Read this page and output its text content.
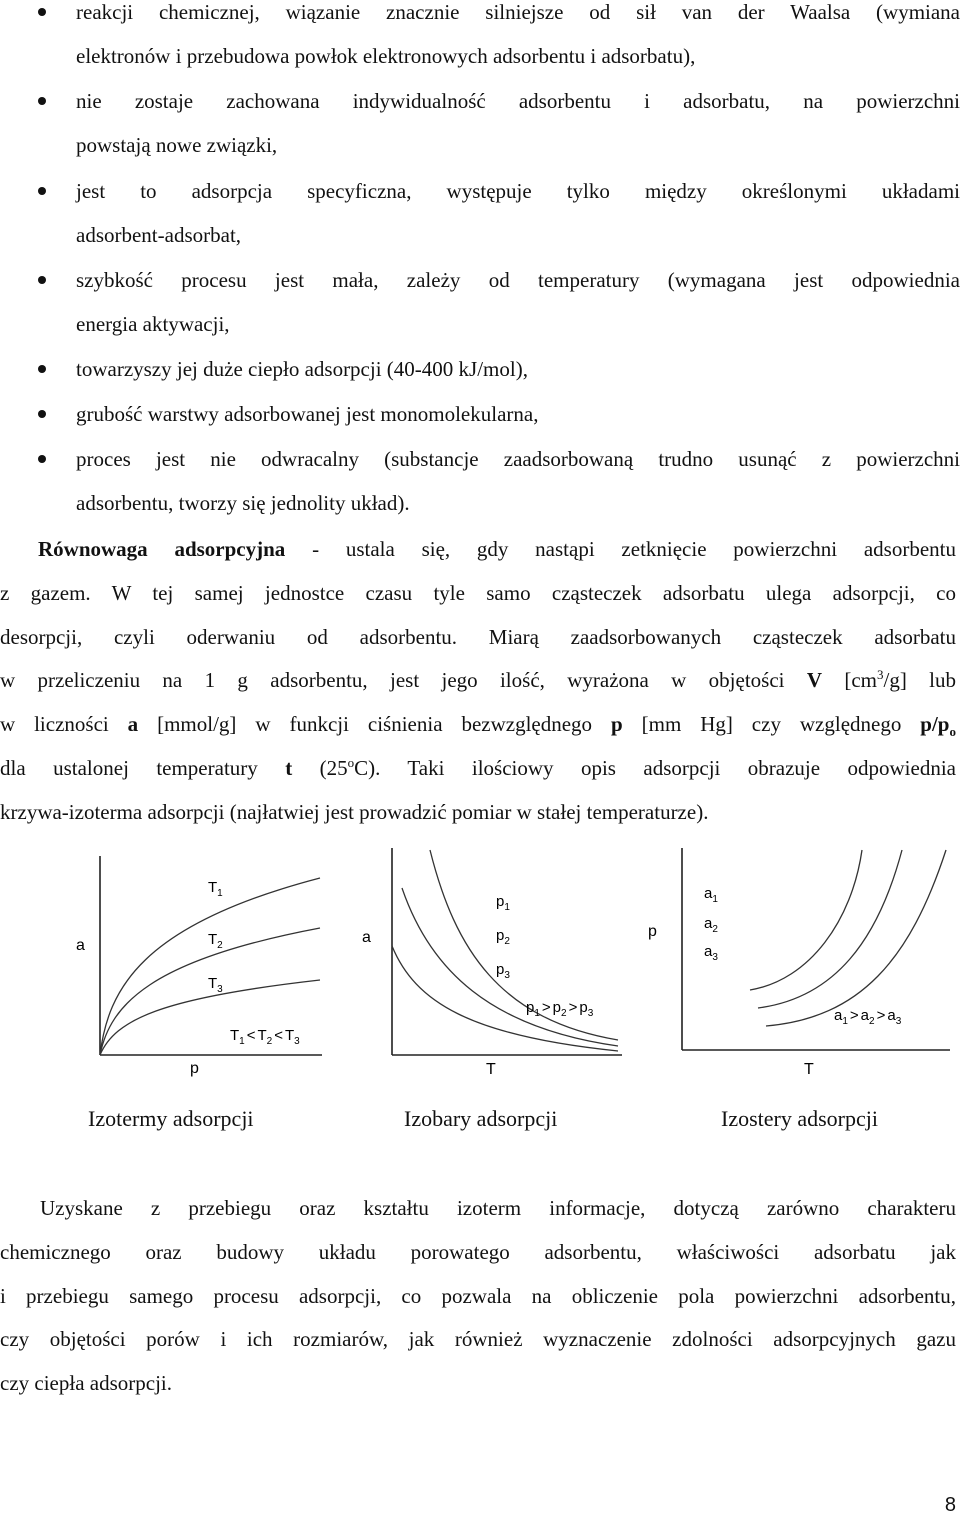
reakcji chemicznej, wiązanie znacznie silniejsze od sił van der Waalsa (wymiana
elektronów i przebudowa powłok elektronowych adsorbentu i adsorbatu),
nie zostaje zachowana indywidualność adsorbentu i adsorbatu, na powierzchni
powstają nowe związki,
jest to adsorpcja specyficzna, występuje tylko między określonymi układami
adsorbent-adsorbat,
szybkość procesu jest mała, zależy od temperatury (wymagana jest odpowiednia
energia aktywacji,
towarzyszy jej duże ciepło adsorpcji (40-400 kJ/mol),
grubość warstwy adsorbowanej jest monomolekularna,
proces jest nie odwracalny (substancje zaadsorbowaną trudno usunąć z powierzchni
adsorbentu, tworzy się jednolity układ).
Równowaga adsorpcyjna - ustala się, gdy nastąpi zetknięcie powierzchni adsorbentu
z gazem. W tej samej jednostce czasu tyle samo cząsteczek adsorbatu ulega adsorpcji, co
desorpcji, czyli oderwaniu od adsorbentu. Miarą zaadsorbowanych cząsteczek adsorbatu
w przeliczeniu na 1 g adsorbentu, jest jego ilość, wyrażona w objętości V $[cm^3/g]$ lub
w liczności a [mmol/g] w funkcji ciśnienia bezwzględnego p [mm Hg] czy względnego $p/p_o$
dla ustalonej temperatury t (25$^o$C). Taki ilościowy opis adsorpcji obrazuje odpowiednia
krzywa-izoterma adsorpcji (najłatwiej jest prowadzić pomiar w stałej temperaturze).
a
p
$T_1$
$T_2$
$T_3$
$T_1 < T_2 < T_3$
a
T
$p_1$
$p_2$
$p_3$
$p_1 > p_2 > p_3$
p
T
$a_1$
$a_2$
$a_3$
$a_1 > a_2 > a_3$
Izotermy adsorpcji	Izobary adsorpcji	Izostery adsorpcji
Uzyskane z przebiegu oraz kształtu izoterm informacje, dotyczą zarówno charakteru
chemicznego oraz budowy układu porowatego adsorbentu, właściwości adsorbatu jak
i przebiegu samego procesu adsorpcji, co pozwala na obliczenie pola powierzchni adsorbentu,
czy objętości porów i ich rozmiarów, jak również wyznaczenie zdolności adsorpcyjnych gazu
czy ciepła adsorpcji.
8
